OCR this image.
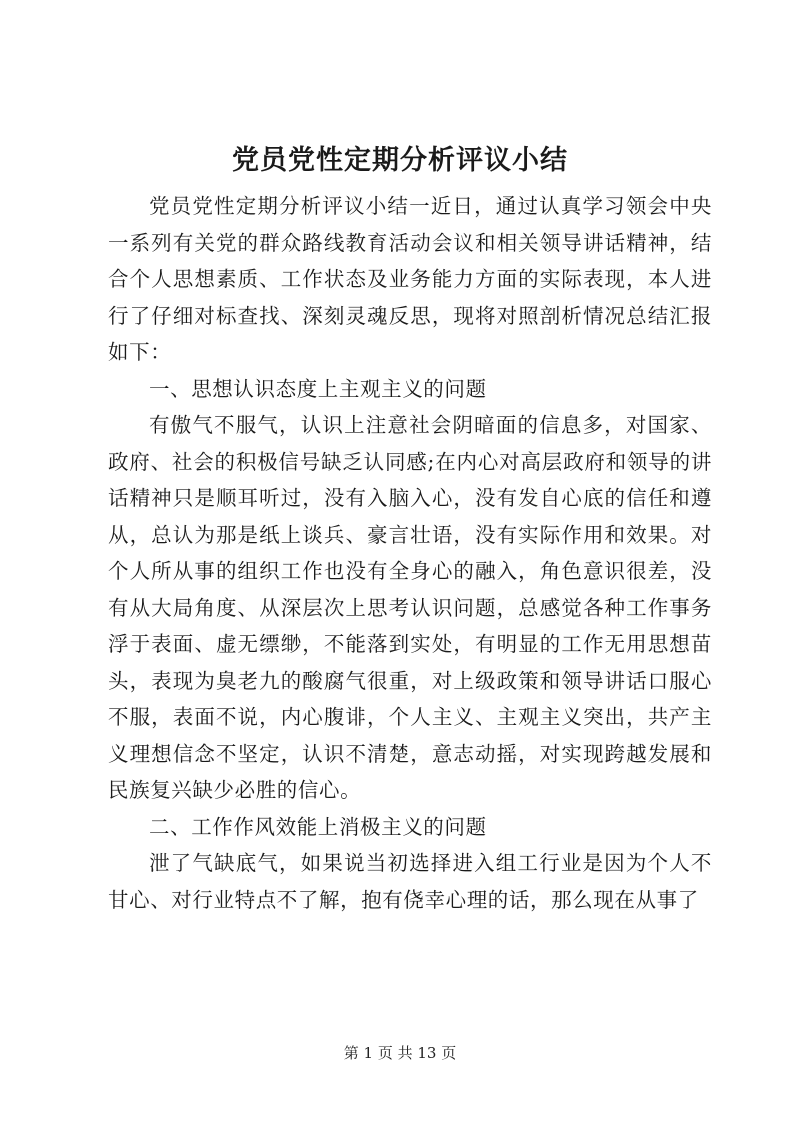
党员党性定期分析评议小结

党员党性定期分析评议小结一近日，通过认真学习领会中央一系列有关党的群众路线教育活动会议和相关领导讲话精神，结合个人思想素质、工作状态及业务能力方面的实际表现，本人进行了仔细对标查找、深刻灵魂反思，现将对照剖析情况总结汇报如下：

一、思想认识态度上主观主义的问题

有傲气不服气，认识上注意社会阴暗面的信息多，对国家、政府、社会的积极信号缺乏认同感;在内心对高层政府和领导的讲话精神只是顺耳听过，没有入脑入心，没有发自心底的信任和遵从，总认为那是纸上谈兵、豪言壮语，没有实际作用和效果。对个人所从事的组织工作也没有全身心的融入，角色意识很差，没有从大局角度、从深层次上思考认识问题，总感觉各种工作事务浮于表面、虚无缥缈，不能落到实处，有明显的工作无用思想苗头，表现为臭老九的酸腐气很重，对上级政策和领导讲话口服心不服，表面不说，内心腹诽，个人主义、主观主义突出，共产主义理想信念不坚定，认识不清楚，意志动摇，对实现跨越发展和民族复兴缺少必胜的信心。

二、工作作风效能上消极主义的问题

泄了气缺底气，如果说当初选择进入组工行业是因为个人不甘心、对行业特点不了解，抱有侥幸心理的话，那么现在从事了

第 1 页 共 13 页
